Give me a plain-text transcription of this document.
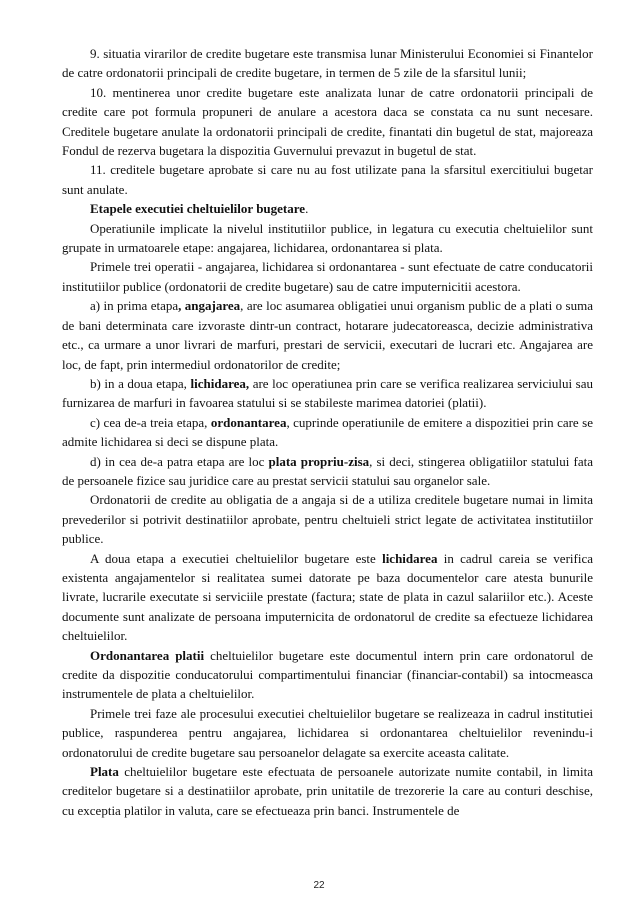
9. situatia virarilor de credite bugetare este transmisa lunar Ministerului Economiei si Finantelor de catre ordonatorii principali de credite bugetare, in termen de 5 zile de la sfarsitul lunii;

10. mentinerea unor credite bugetare este analizata lunar de catre ordonatorii principali de credite care pot formula propuneri de anulare a acestora daca se constata ca nu sunt necesare. Creditele bugetare anulate la ordonatorii principali de credite, finantati din bugetul de stat, majoreaza Fondul de rezerva bugetara la dispozitia Guvernului prevazut in bugetul de stat.

11. creditele bugetare aprobate si care nu au fost utilizate pana la sfarsitul exercitiului bugetar sunt anulate.

Etapele executiei cheltuielilor bugetare.

Operatiunile implicate la nivelul institutiilor publice, in legatura cu executia cheltuielilor sunt grupate in urmatoarele etape: angajarea, lichidarea, ordonantarea si plata.

Primele trei operatii - angajarea, lichidarea si ordonantarea - sunt efectuate de catre conducatorii institutiilor publice (ordonatorii de credite bugetare) sau de catre imputernicitii acestora.

a) in prima etapa, angajarea, are loc asumarea obligatiei unui organism public de a plati o suma de bani determinata care izvoraste dintr-un contract, hotarare judecatoreasca, decizie administrativa etc., ca urmare a unor livrari de marfuri, prestari de servicii, executari de lucrari etc. Angajarea are loc, de fapt, prin intermediul ordonatorilor de credite;

b) in a doua etapa, lichidarea, are loc operatiunea prin care se verifica realizarea serviciului sau furnizarea de marfuri in favoarea statului si se stabileste marimea datoriei (platii).

c) cea de-a treia etapa, ordonantarea, cuprinde operatiunile de emitere a dispozitiei prin care se admite lichidarea si deci se dispune plata.

d) in cea de-a patra etapa are loc plata propriu-zisa, si deci, stingerea obligatiilor statului fata de persoanele fizice sau juridice care au prestat servicii statului sau organelor sale.

Ordonatorii de credite au obligatia de a angaja si de a utiliza creditele bugetare numai in limita prevederilor si potrivit destinatiilor aprobate, pentru cheltuieli strict legate de activitatea institutiilor publice.

A doua etapa a executiei cheltuielilor bugetare este lichidarea in cadrul careia se verifica existenta angajamentelor si realitatea sumei datorate pe baza documentelor care atesta bunurile livrate, lucrarile executate si serviciile prestate (factura; state de plata in cazul salariilor etc.). Aceste documente sunt analizate de persoana imputernicita de ordonatorul de credite sa efectueze lichidarea cheltuielilor.

Ordonantarea platii cheltuielilor bugetare este documentul intern prin care ordonatorul de credite da dispozitie conducatorului compartimentului financiar (financiar-contabil) sa intocmeasca instrumentele de plata a cheltuielilor.

Primele trei faze ale procesului executiei cheltuielilor bugetare se realizeaza in cadrul institutiei publice, raspunderea pentru angajarea, lichidarea si ordonantarea cheltuielilor revenindu-i ordonatorului de credite bugetare sau persoanelor delagate sa exercite aceasta calitate.

Plata cheltuielilor bugetare este efectuata de persoanele autorizate numite contabil, in limita creditelor bugetare si a destinatiilor aprobate, prin unitatile de trezorerie la care au conturi deschise, cu exceptia platilor in valuta, care se efectueaza prin banci. Instrumentele de

22
